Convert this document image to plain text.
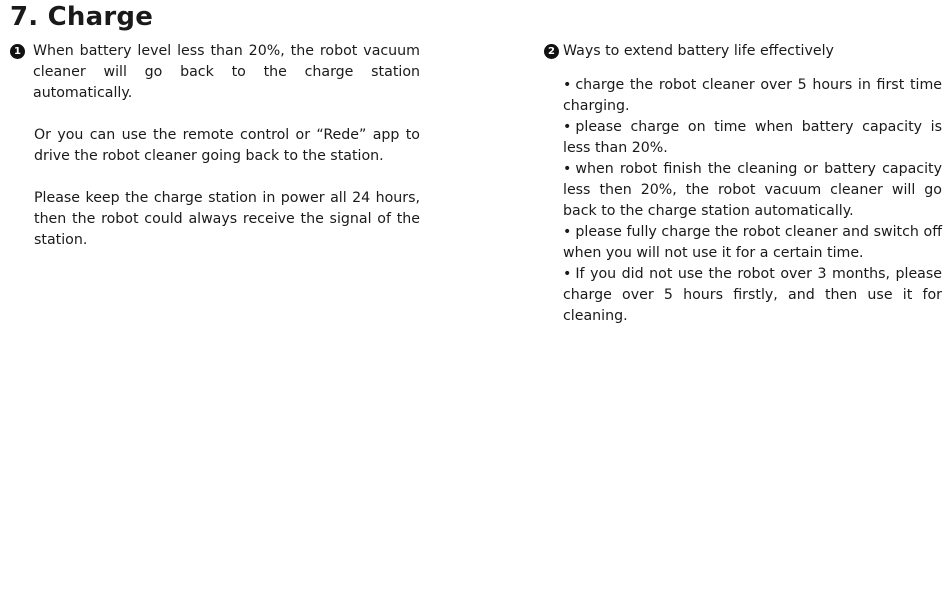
7. Charge
1 When battery level less than 20%, the robot vacuum cleaner will go back to the charge station automatically.

Or you can use the remote control or “Rede” app to drive the robot cleaner going back to the station.

Please keep the charge station in power all 24 hours, then the robot could always receive the signal of the station.

2 Ways to extend battery life effectively
• charge the robot cleaner over 5 hours in first time charging.
• please charge on time when battery capacity is less than 20%.
• when robot finish the cleaning or battery capacity less then 20%, the robot vacuum cleaner will go back to the charge station automatically.
• please fully charge the robot cleaner and switch off when you will not use it for a certain time.
• If you did not use the robot over 3 months, please charge over 5 hours firstly, and then use it for cleaning.
